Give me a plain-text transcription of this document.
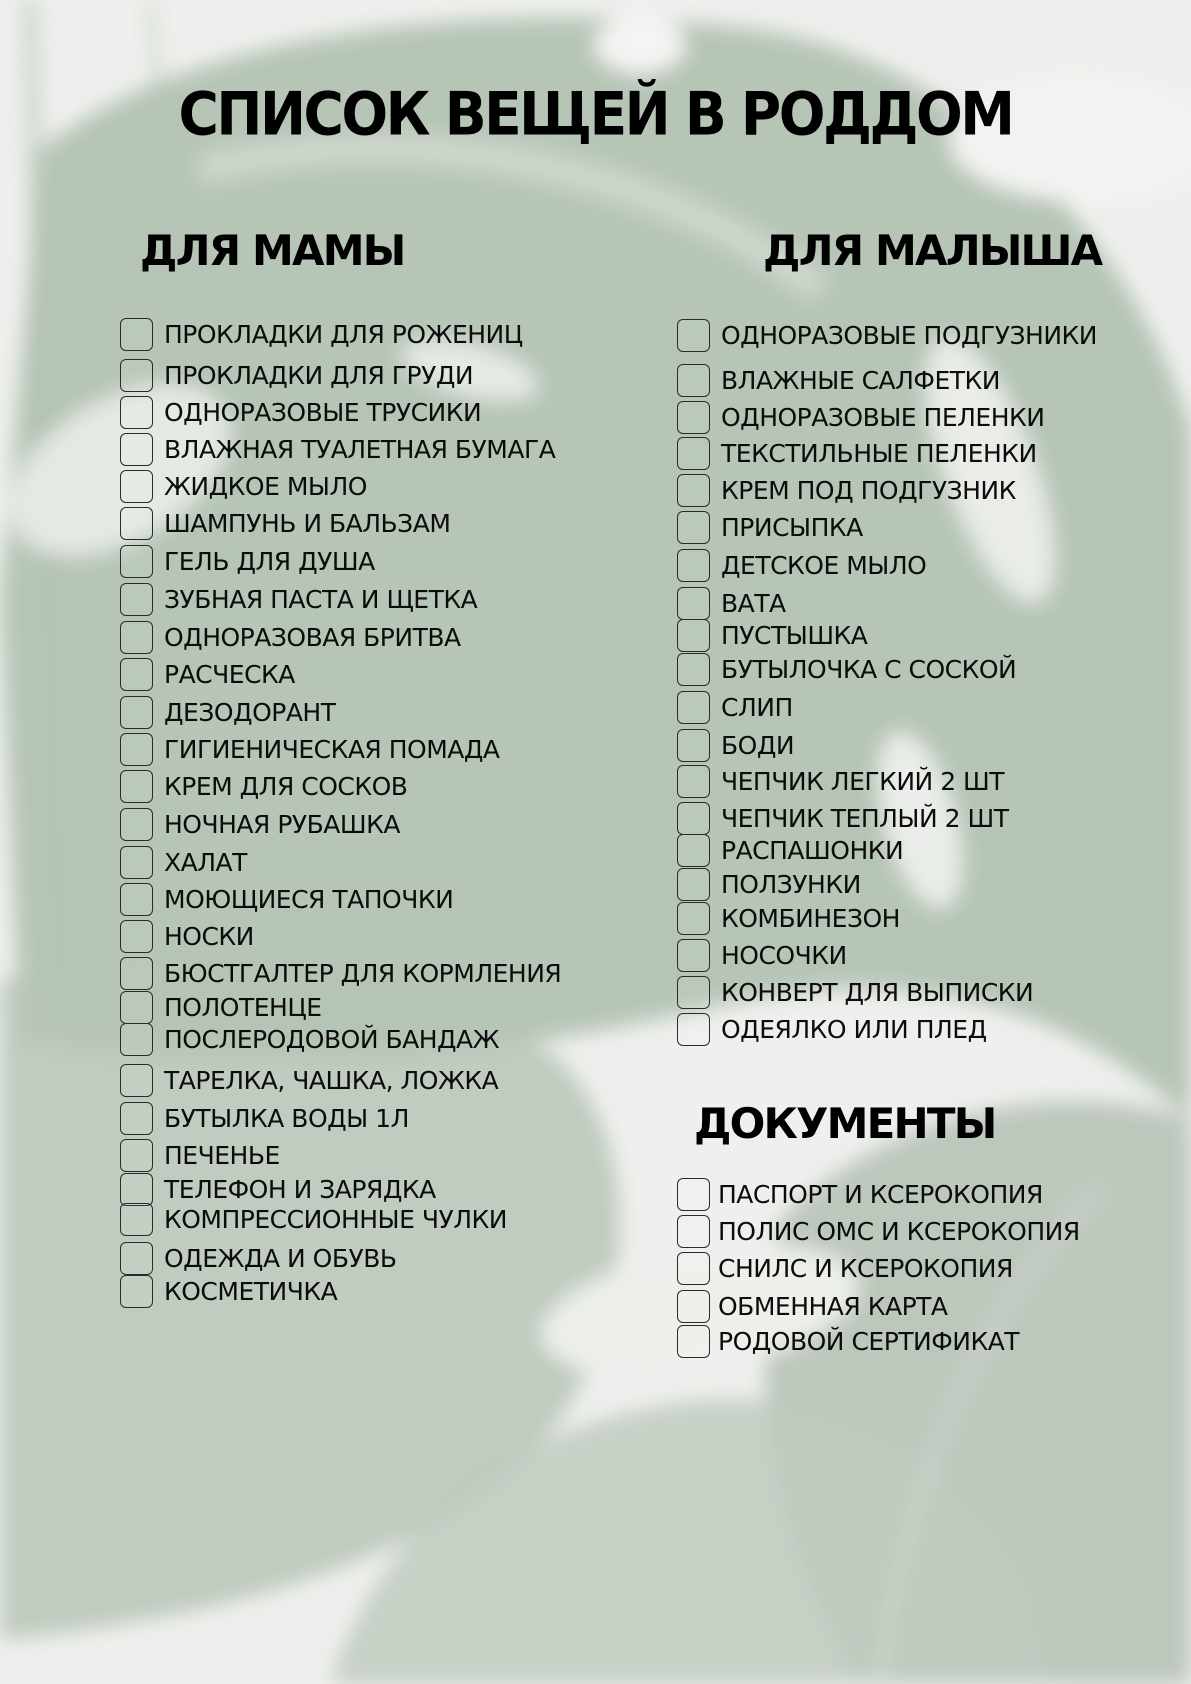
СПИСОК ВЕЩЕЙ В РОДДОМ
ДЛЯ МАМЫ	ДЛЯ МАЛЫША
ДОКУМЕНТЫ
ПРОКЛАДКИ ДЛЯ РОЖЕНИЦ
ПРОКЛАДКИ ДЛЯ ГРУДИ
ОДНОРАЗОВЫЕ ТРУСИКИ
ВЛАЖНАЯ ТУАЛЕТНАЯ БУМАГА
ЖИДКОЕ МЫЛО
ШАМПУНЬ И БАЛЬЗАМ
ГЕЛЬ ДЛЯ ДУША
ЗУБНАЯ ПАСТА И ЩЕТКА
ОДНОРАЗОВАЯ БРИТВА
РАСЧЕСКА
ДЕЗОДОРАНТ
ГИГИЕНИЧЕСКАЯ ПОМАДА
КРЕМ ДЛЯ СОСКОВ
НОЧНАЯ РУБАШКА
ХАЛАТ
МОЮЩИЕСЯ ТАПОЧКИ
НОСКИ
БЮСТГАЛТЕР ДЛЯ КОРМЛЕНИЯ
ПОЛОТЕНЦЕ
ПОСЛЕРОДОВОЙ БАНДАЖ
ТАРЕЛКА, ЧАШКА, ЛОЖКА
БУТЫЛКА ВОДЫ 1Л
ПЕЧЕНЬЕ
ТЕЛЕФОН И ЗАРЯДКА
КОМПРЕССИОННЫЕ ЧУЛКИ
ОДЕЖДА И ОБУВЬ
КОСМЕТИЧКА
ОДНОРАЗОВЫЕ ПОДГУЗНИКИ
ВЛАЖНЫЕ САЛФЕТКИ
ОДНОРАЗОВЫЕ ПЕЛЕНКИ
ТЕКСТИЛЬНЫЕ ПЕЛЕНКИ
КРЕМ ПОД ПОДГУЗНИК
ПРИСЫПКА
ДЕТСКОЕ МЫЛО
ВАТА
ПУСТЫШКА
БУТЫЛОЧКА С СОСКОЙ
СЛИП
БОДИ
ЧЕПЧИК ЛЕГКИЙ 2 ШТ
ЧЕПЧИК ТЕПЛЫЙ 2 ШТ
РАСПАШОНКИ
ПОЛЗУНКИ
КОМБИНЕЗОН
НОСОЧКИ
КОНВЕРТ ДЛЯ ВЫПИСКИ
ОДЕЯЛКО ИЛИ ПЛЕД
ПАСПОРТ И КСЕРОКОПИЯ
ПОЛИС ОМС И КСЕРОКОПИЯ
СНИЛС И КСЕРОКОПИЯ
ОБМЕННАЯ КАРТА
РОДОВОЙ СЕРТИФИКАТ
